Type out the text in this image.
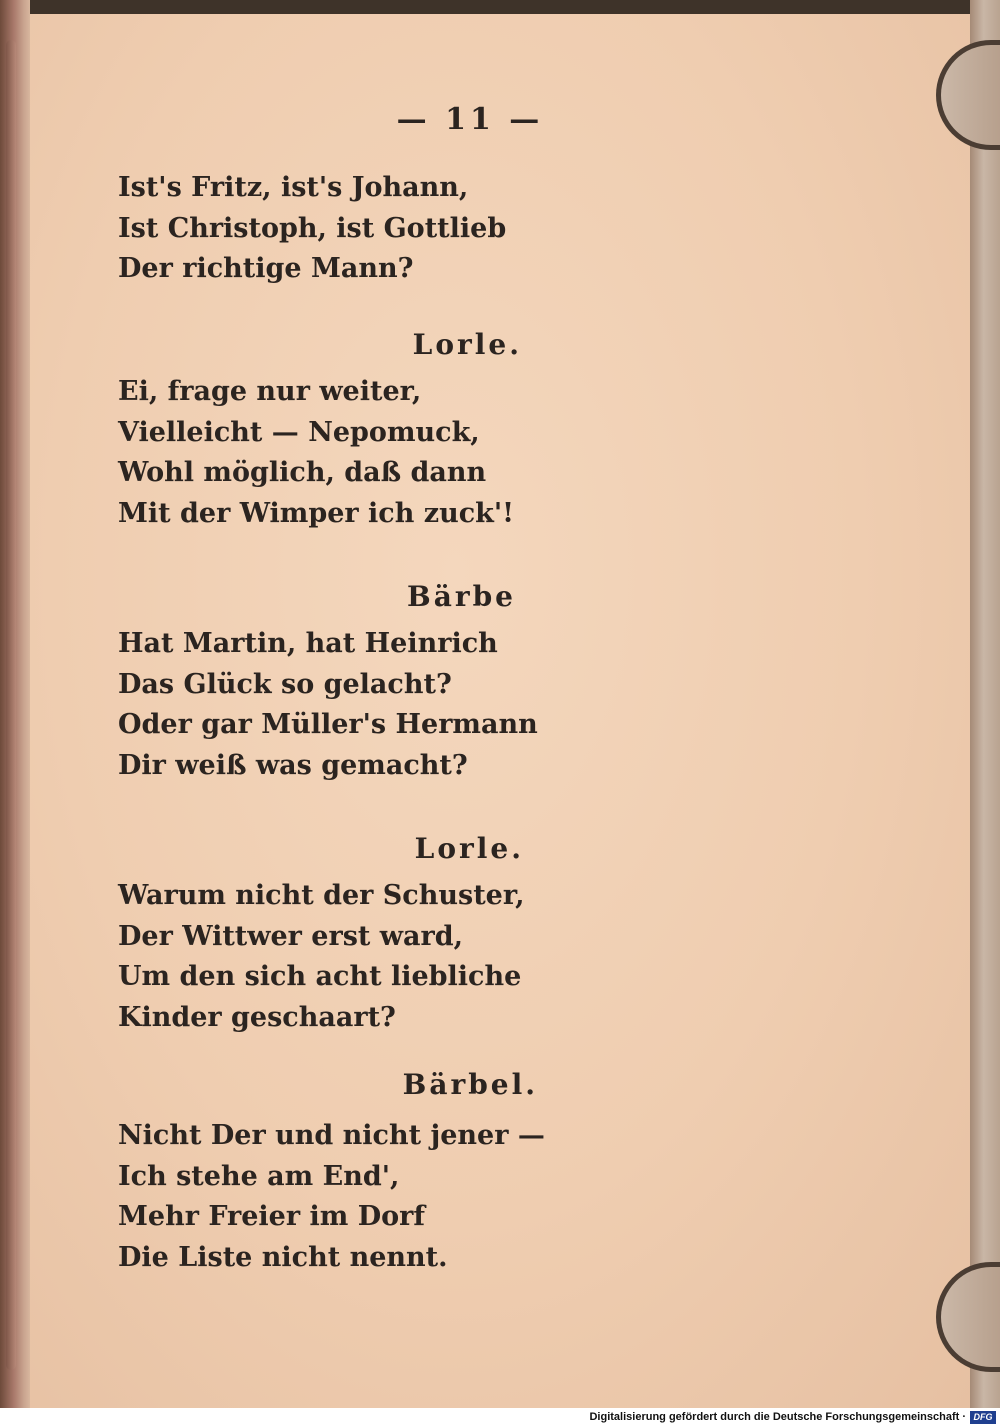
— 11 —
Ist's Fritz, ist's Johann,
Ist Christoph, ist Gottlieb
Der richtige Mann?
Lorle.
Ei, frage nur weiter,
Vielleicht — Nepomuck,
Wohl möglich, daß dann
Mit der Wimper ich zuck'!
Bärbe
Hat Martin, hat Heinrich
Das Glück so gelacht?
Oder gar Müller's Hermann
Dir weiß was gemacht?
Lorle.
Warum nicht der Schuster,
Der Wittwer erst ward,
Um den sich acht liebliche
Kinder geschaart?
Bärbel.
Nicht Der und nicht jener —
Ich stehe am End',
Mehr Freier im Dorf
Die Liste nicht nennt.
Digitalisierung gefördert durch die Deutsche Forschungsgemeinschaft · DFG
